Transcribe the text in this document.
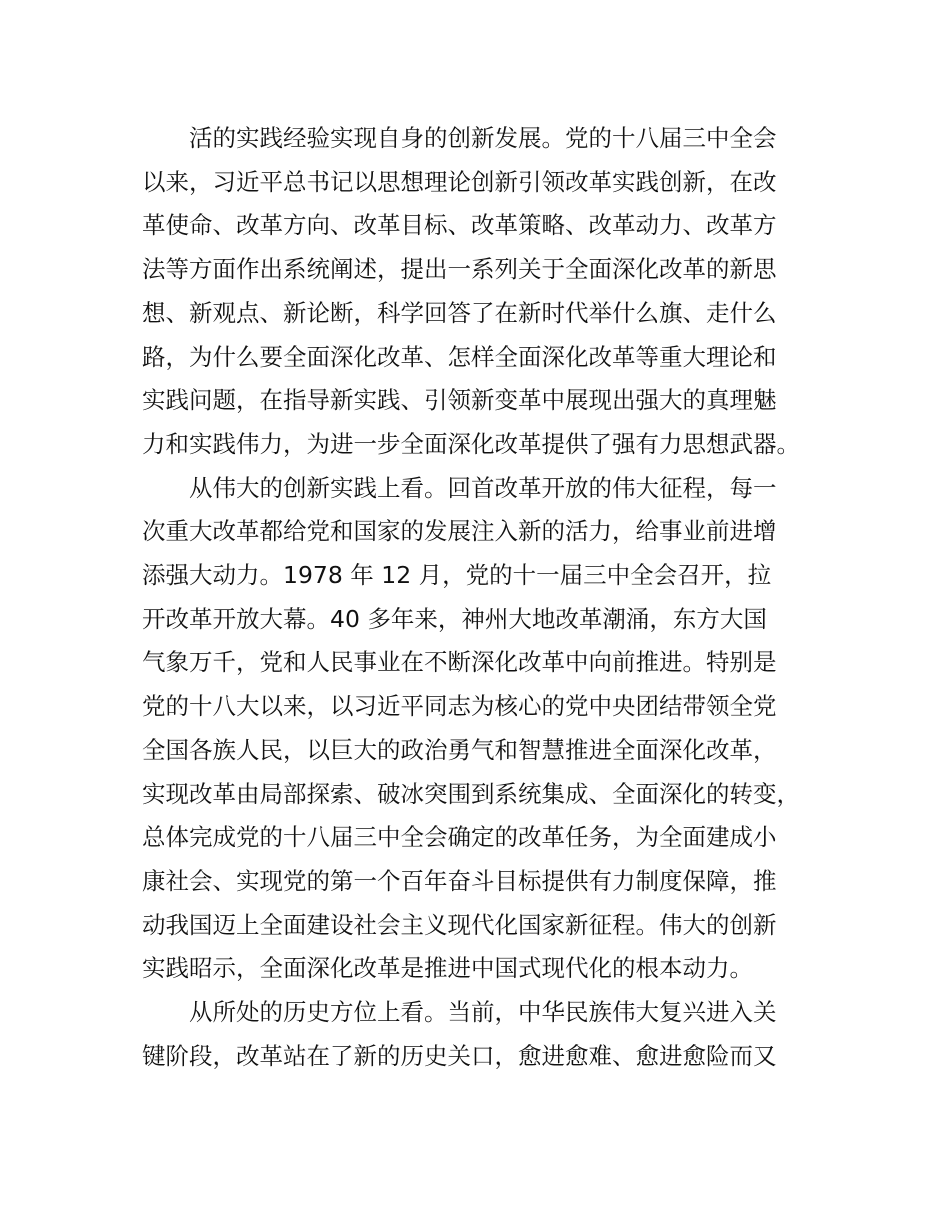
活的实践经验实现自身的创新发展。党的十八届三中全会
以来，习近平总书记以思想理论创新引领改革实践创新，在改
革使命、改革方向、改革目标、改革策略、改革动力、改革方
法等方面作出系统阐述，提出一系列关于全面深化改革的新思
想、新观点、新论断，科学回答了在新时代举什么旗、走什么
路，为什么要全面深化改革、怎样全面深化改革等重大理论和
实践问题，在指导新实践、引领新变革中展现出强大的真理魅
力和实践伟力，为进一步全面深化改革提供了强有力思想武器。

从伟大的创新实践上看。回首改革开放的伟大征程，每一
次重大改革都给党和国家的发展注入新的活力，给事业前进增
添强大动力。1978 年 12 月，党的十一届三中全会召开，拉
开改革开放大幕。40 多年来，神州大地改革潮涌，东方大国
气象万千，党和人民事业在不断深化改革中向前推进。特别是
党的十八大以来，以习近平同志为核心的党中央团结带领全党
全国各族人民，以巨大的政治勇气和智慧推进全面深化改革，
实现改革由局部探索、破冰突围到系统集成、全面深化的转变，
总体完成党的十八届三中全会确定的改革任务，为全面建成小
康社会、实现党的第一个百年奋斗目标提供有力制度保障，推
动我国迈上全面建设社会主义现代化国家新征程。伟大的创新
实践昭示，全面深化改革是推进中国式现代化的根本动力。

从所处的历史方位上看。当前，中华民族伟大复兴进入关
键阶段，改革站在了新的历史关口，愈进愈难、愈进愈险而又
